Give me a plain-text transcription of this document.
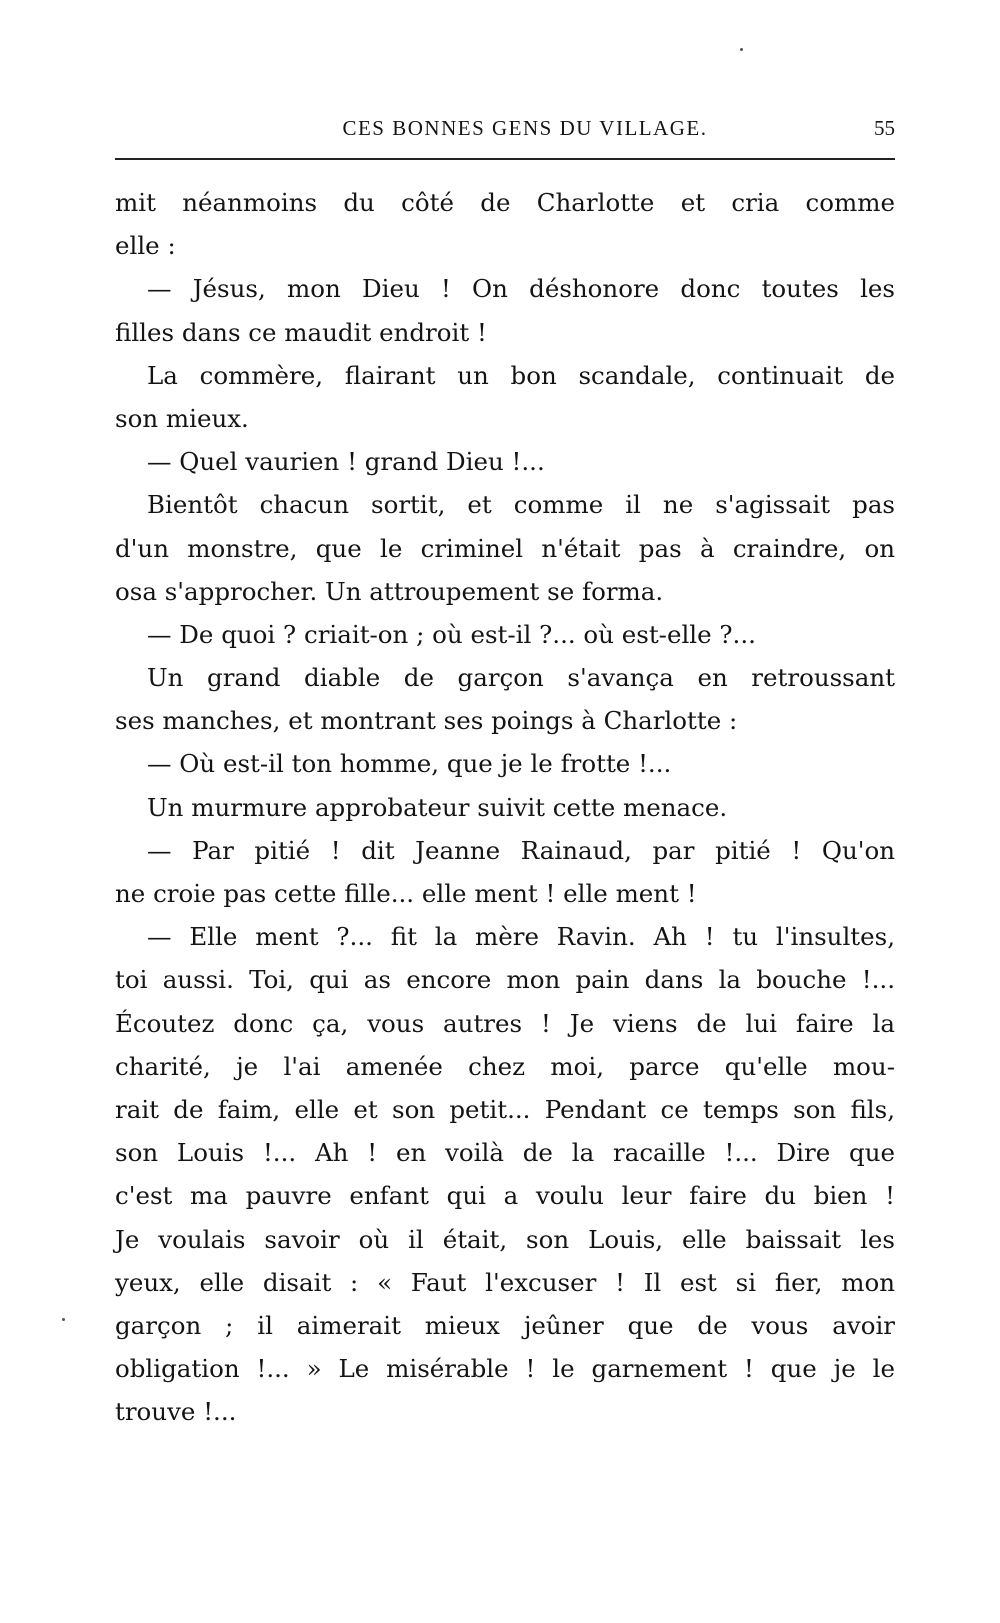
CES BONNES GENS DU VILLAGE.	55
mit néanmoins du côté de Charlotte et cria comme
elle :
— Jésus, mon Dieu ! On déshonore donc toutes les
filles dans ce maudit endroit !
La commère, flairant un bon scandale, continuait de
son mieux.
— Quel vaurien ! grand Dieu !...
Bientôt chacun sortit, et comme il ne s'agissait pas
d'un monstre, que le criminel n'était pas à craindre, on
osa s'approcher. Un attroupement se forma.
— De quoi ? criait-on ; où est-il ?... où est-elle ?...
Un grand diable de garçon s'avança en retroussant
ses manches, et montrant ses poings à Charlotte :
— Où est-il ton homme, que je le frotte !...
Un murmure approbateur suivit cette menace.
— Par pitié ! dit Jeanne Rainaud, par pitié ! Qu'on
ne croie pas cette fille... elle ment ! elle ment !
— Elle ment ?... fit la mère Ravin. Ah ! tu l'insultes,
toi aussi. Toi, qui as encore mon pain dans la bouche !...
Écoutez donc ça, vous autres ! Je viens de lui faire la
charité, je l'ai amenée chez moi, parce qu'elle mou-
rait de faim, elle et son petit... Pendant ce temps son fils,
son Louis !... Ah ! en voilà de la racaille !... Dire que
c'est ma pauvre enfant qui a voulu leur faire du bien !
Je voulais savoir où il était, son Louis, elle baissait les
yeux, elle disait : « Faut l'excuser ! Il est si fier, mon
garçon ; il aimerait mieux jeûner que de vous avoir
obligation !... » Le misérable ! le garnement ! que je le
trouve !...
